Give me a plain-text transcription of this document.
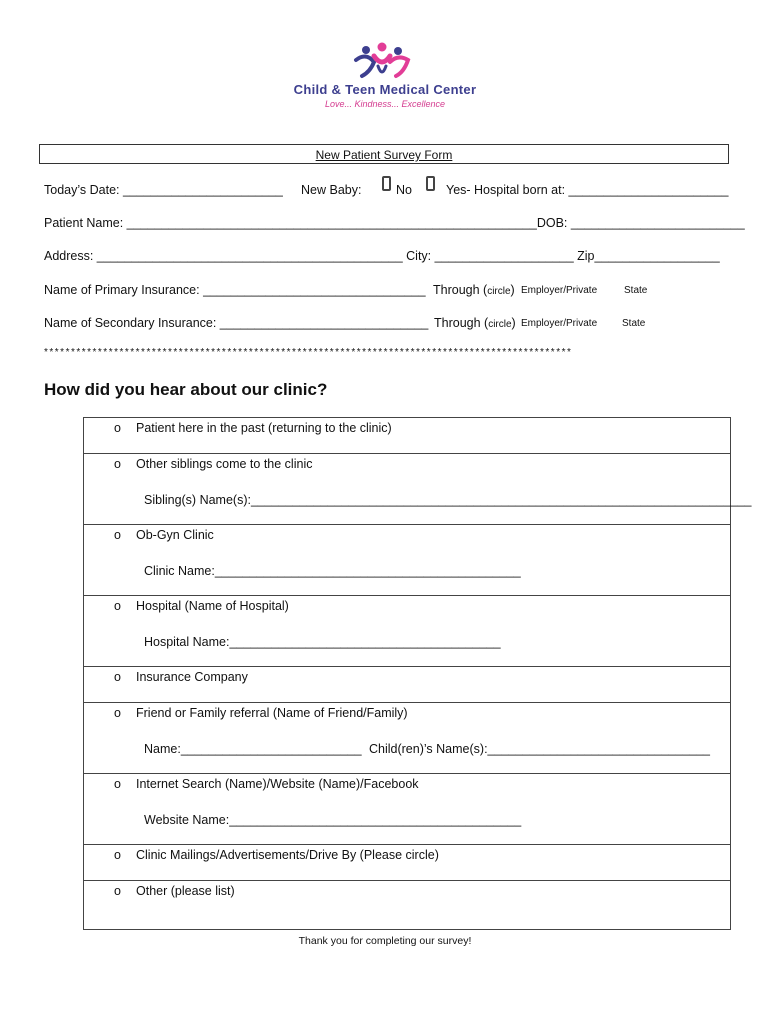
Child & Teen Medical Center
Love... Kindness... Excellence
New Patient Survey Form
Today’s Date: _______________________ New Baby:	No	Yes- Hospital born at: _______________________
Patient Name: ___________________________________________________________DOB: _________________________
Address: ____________________________________________ City: ____________________ Zip__________________
Name of Primary Insurance: ________________________________ Through (circle) Employer/Private	State
Name of Secondary Insurance: ______________________________ Through (circle) Employer/Private State
**************************************************************************************************
How did you hear about our clinic?
o Patient here in the past (returning to the clinic)
o Other siblings come to the clinic
Sibling(s) Name(s):________________________________________________________________________
o Ob-Gyn Clinic
Clinic Name:____________________________________________
o Hospital (Name of Hospital)
Hospital Name:_______________________________________
o Insurance Company
o Friend or Family referral (Name of Friend/Family)
Name:__________________________ Child(ren)’s Name(s):________________________________
o Internet Search (Name)/Website (Name)/Facebook
Website Name:__________________________________________
o Clinic Mailings/Advertisements/Drive By (Please circle)
o Other (please list)
Thank you for completing our survey!
